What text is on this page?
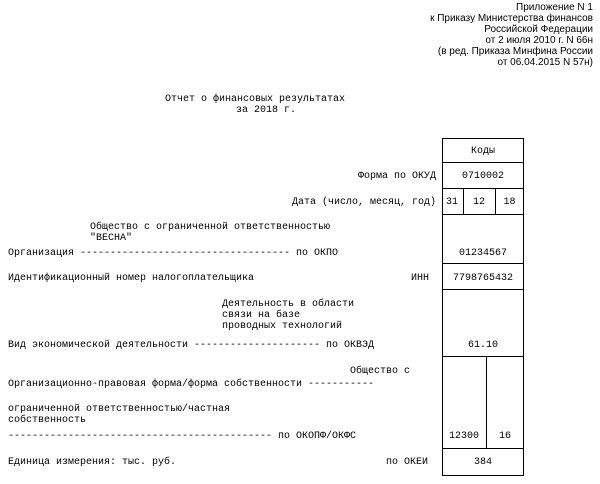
Приложение N 1
к Приказу Министерства финансов
Российской Федерации
от 2 июля 2010 г. N 66н
(в ред. Приказа Минфина России
от 06.04.2015 N 57н)
Отчет о финансовых результатах
за 2018 г.
Коды
Форма по ОКУД	0710002
Дата (число, месяц, год) 31	12	18
Общество с ограниченной ответственностью
"ВЕСНА"
Организация ----------------------------------- по ОКПО	01234567
Идентификационный номер налогоплательщика	ИНН	7798765432
Деятельность в области
связи на базе
проводных технологий
Вид экономической деятельности --------------------- по ОКВЭД	61.10
Общество с
Организационно-правовая форма/форма собственности -----------
ограниченной ответственностью/частная
собственность
-------------------------------------------- по ОКОПФ/ОКФС	12300	16
Единица измерения: тыс. руб.	по ОКЕИ	384
